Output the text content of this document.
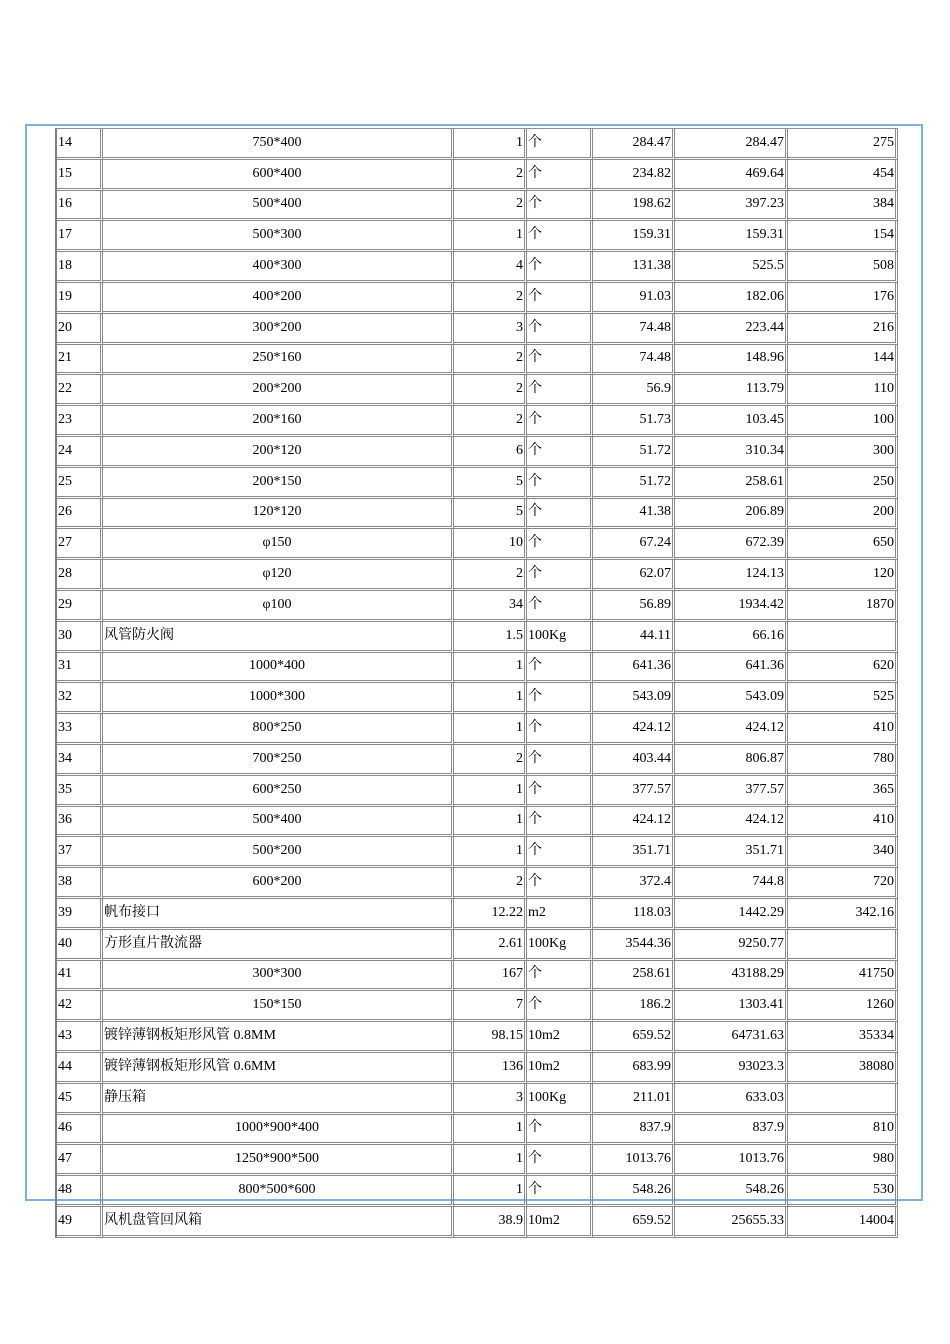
14	750*400	1	个	284.47	284.47	275
15	600*400	2	个	234.82	469.64	454
16	500*400	2	个	198.62	397.23	384
17	500*300	1	个	159.31	159.31	154
18	400*300	4	个	131.38	525.5	508
19	400*200	2	个	91.03	182.06	176
20	300*200	3	个	74.48	223.44	216
21	250*160	2	个	74.48	148.96	144
22	200*200	2	个	56.9	113.79	110
23	200*160	2	个	51.73	103.45	100
24	200*120	6	个	51.72	310.34	300
25	200*150	5	个	51.72	258.61	250
26	120*120	5	个	41.38	206.89	200
27	φ150	10	个	67.24	672.39	650
28	φ120	2	个	62.07	124.13	120
29	φ100	34	个	56.89	1934.42	1870
30	风管防火阀	1.5	100Kg	44.11	66.16	
31	1000*400	1	个	641.36	641.36	620
32	1000*300	1	个	543.09	543.09	525
33	800*250	1	个	424.12	424.12	410
34	700*250	2	个	403.44	806.87	780
35	600*250	1	个	377.57	377.57	365
36	500*400	1	个	424.12	424.12	410
37	500*200	1	个	351.71	351.71	340
38	600*200	2	个	372.4	744.8	720
39	帆布接口	12.22	m2	118.03	1442.29	342.16
40	方形直片散流器	2.61	100Kg	3544.36	9250.77	
41	300*300	167	个	258.61	43188.29	41750
42	150*150	7	个	186.2	1303.41	1260
43	镀锌薄钢板矩形风管 0.8MM	98.15	10m2	659.52	64731.63	35334
44	镀锌薄钢板矩形风管 0.6MM	136	10m2	683.99	93023.3	38080
45	静压箱	3	100Kg	211.01	633.03	
46	1000*900*400	1	个	837.9	837.9	810
47	1250*900*500	1	个	1013.76	1013.76	980
48	800*500*600	1	个	548.26	548.26	530
49	风机盘管回风箱	38.9	10m2	659.52	25655.33	14004
